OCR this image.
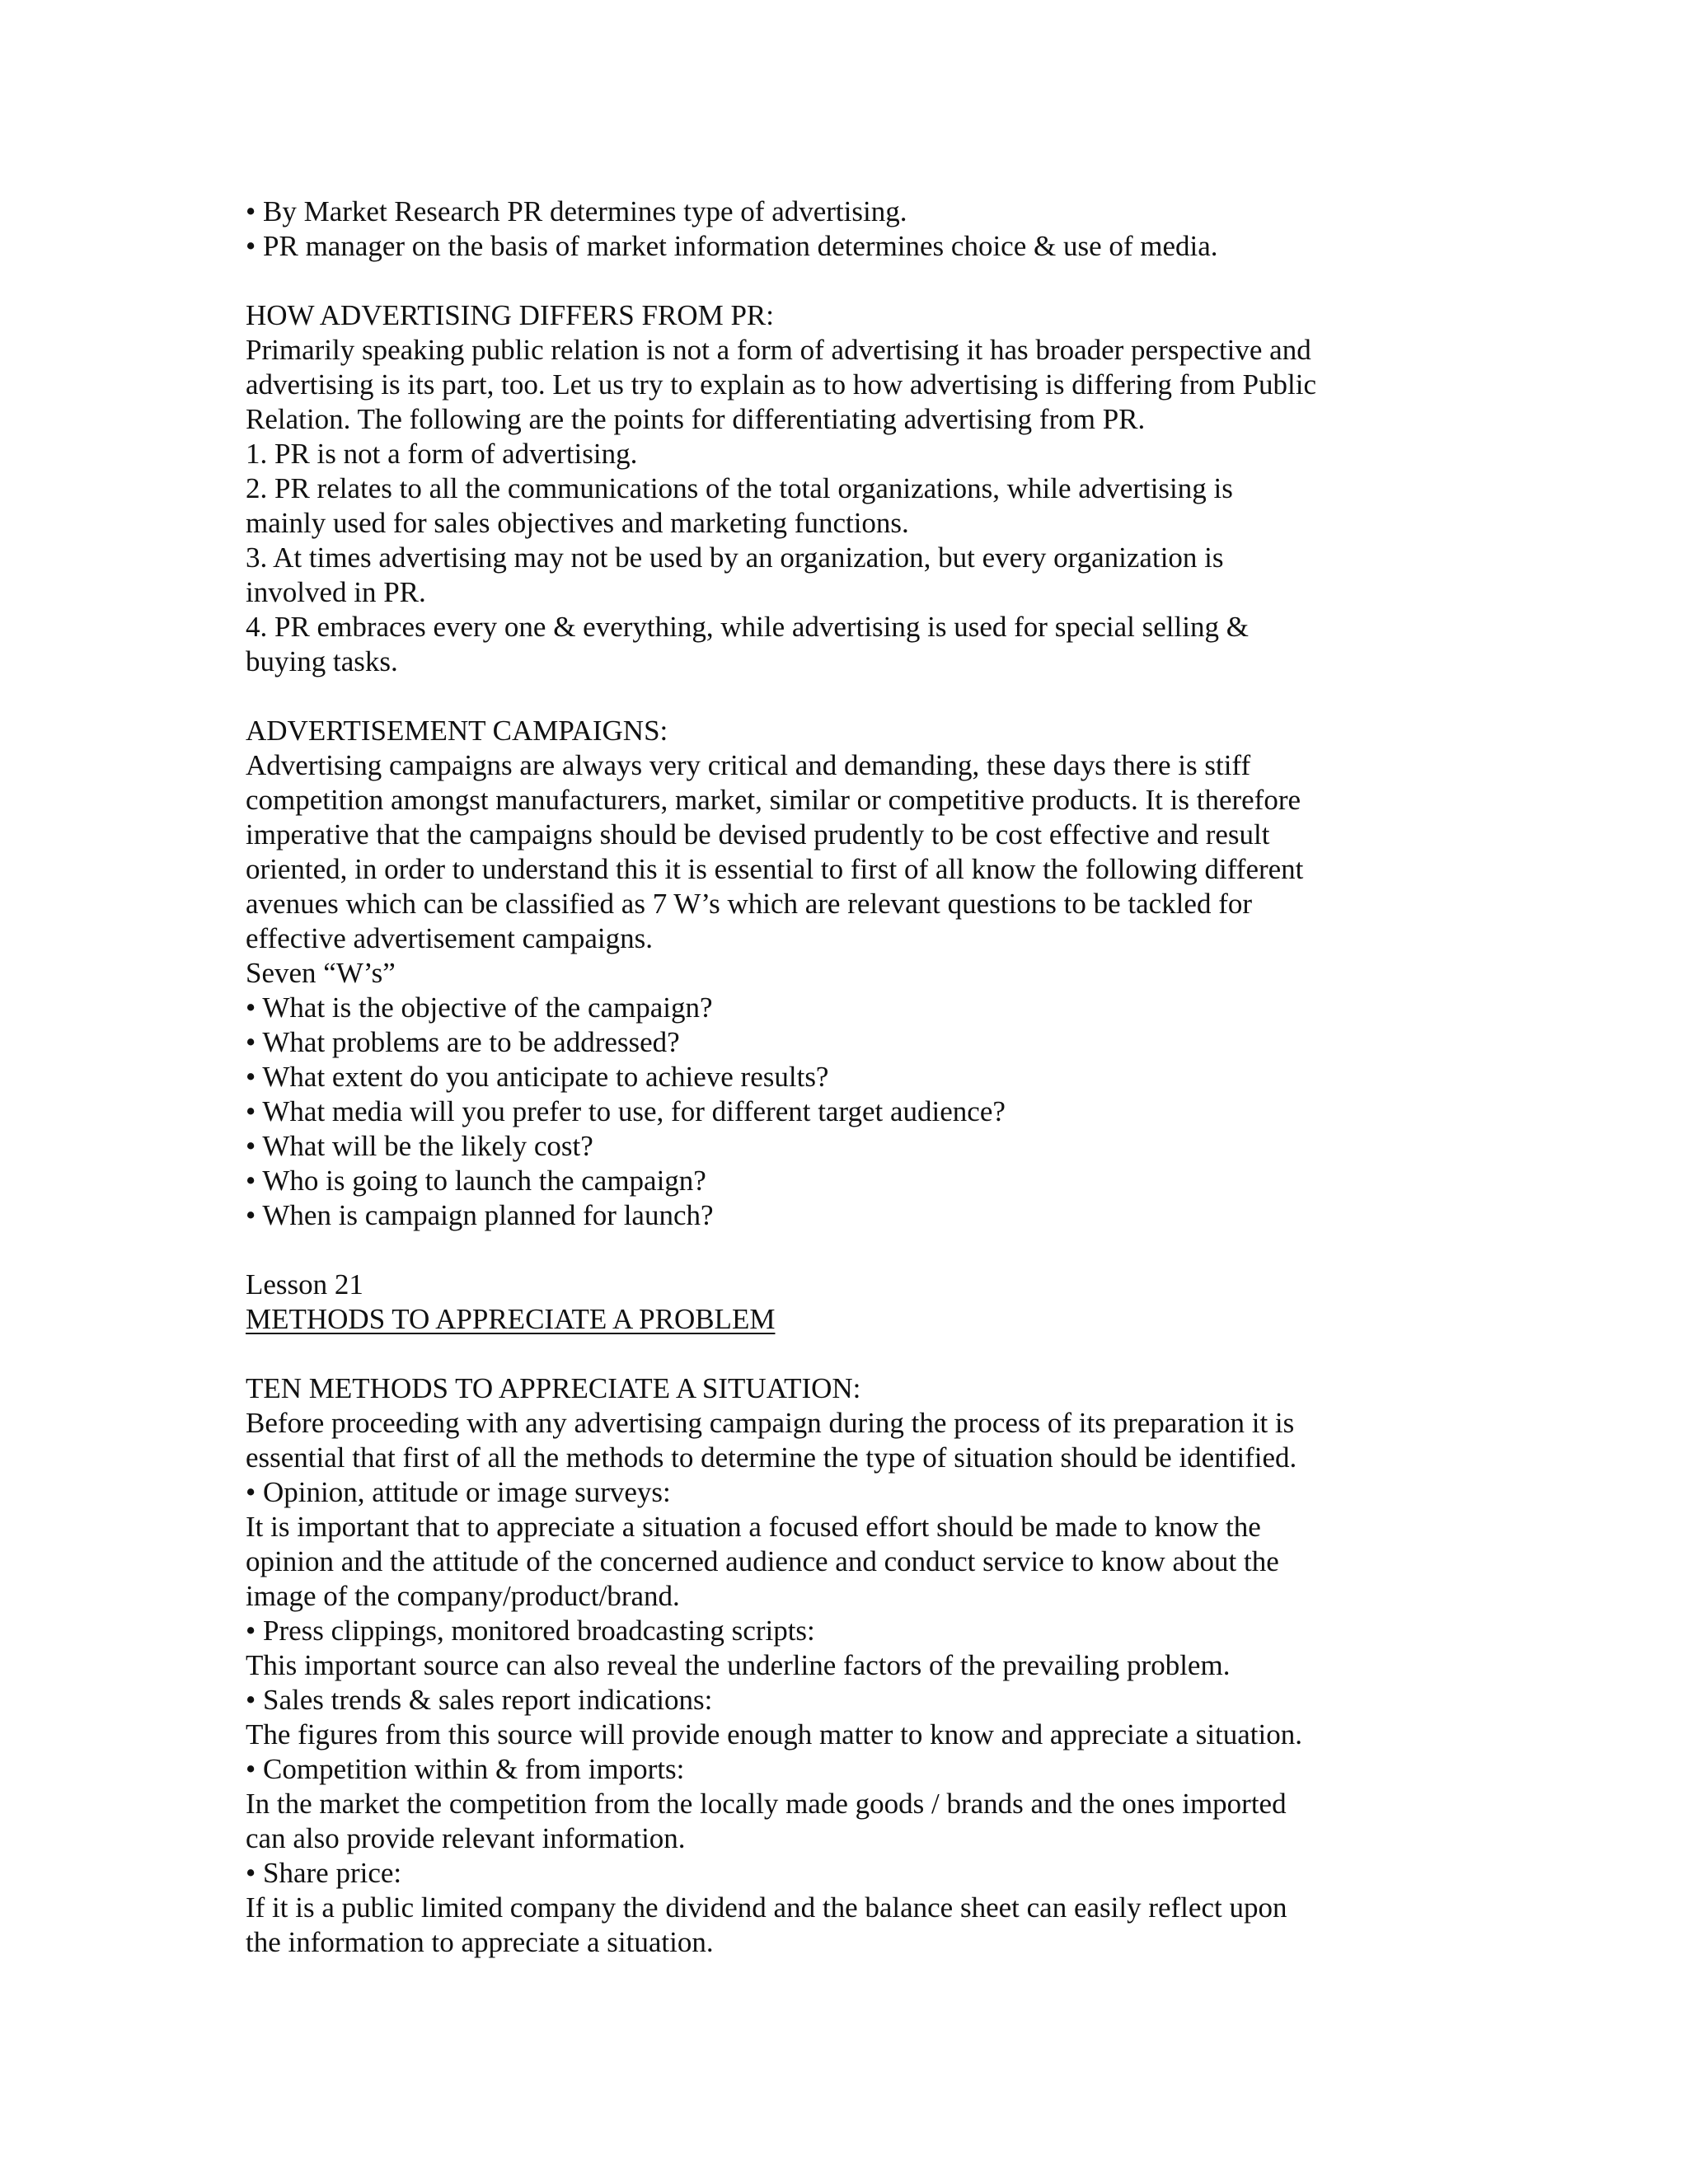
• By Market Research PR determines type of advertising.
• PR manager on the basis of market information determines choice & use of media.
HOW ADVERTISING DIFFERS FROM PR:
Primarily speaking public relation is not a form of advertising it has broader perspective and
advertising is its part, too. Let us try to explain as to how advertising is differing from Public
Relation. The following are the points for differentiating advertising from PR.
1. PR is not a form of advertising.
2. PR relates to all the communications of the total organizations, while advertising is
mainly used for sales objectives and marketing functions.
3. At times advertising may not be used by an organization, but every organization is
involved in PR.
4. PR embraces every one & everything, while advertising is used for special selling &
buying tasks.
ADVERTISEMENT CAMPAIGNS:
Advertising campaigns are always very critical and demanding, these days there is stiff
competition amongst manufacturers, market, similar or competitive products. It is therefore
imperative that the campaigns should be devised prudently to be cost effective and result
oriented, in order to understand this it is essential to first of all know the following different
avenues which can be classified as 7 W’s which are relevant questions to be tackled for
effective advertisement campaigns.
Seven “W’s”
• What is the objective of the campaign?
• What problems are to be addressed?
• What extent do you anticipate to achieve results?
• What media will you prefer to use, for different target audience?
• What will be the likely cost?
• Who is going to launch the campaign?
• When is campaign planned for launch?
Lesson 21
METHODS TO APPRECIATE A PROBLEM
TEN METHODS TO APPRECIATE A SITUATION:
Before proceeding with any advertising campaign during the process of its preparation it is
essential that first of all the methods to determine the type of situation should be identified.
• Opinion, attitude or image surveys:
It is important that to appreciate a situation a focused effort should be made to know the
opinion and the attitude of the concerned audience and conduct service to know about the
image of the company/product/brand.
• Press clippings, monitored broadcasting scripts:
This important source can also reveal the underline factors of the prevailing problem.
• Sales trends & sales report indications:
The figures from this source will provide enough matter to know and appreciate a situation.
• Competition within & from imports:
In the market the competition from the locally made goods / brands and the ones imported
can also provide relevant information.
• Share price:
If it is a public limited company the dividend and the balance sheet can easily reflect upon
the information to appreciate a situation.
